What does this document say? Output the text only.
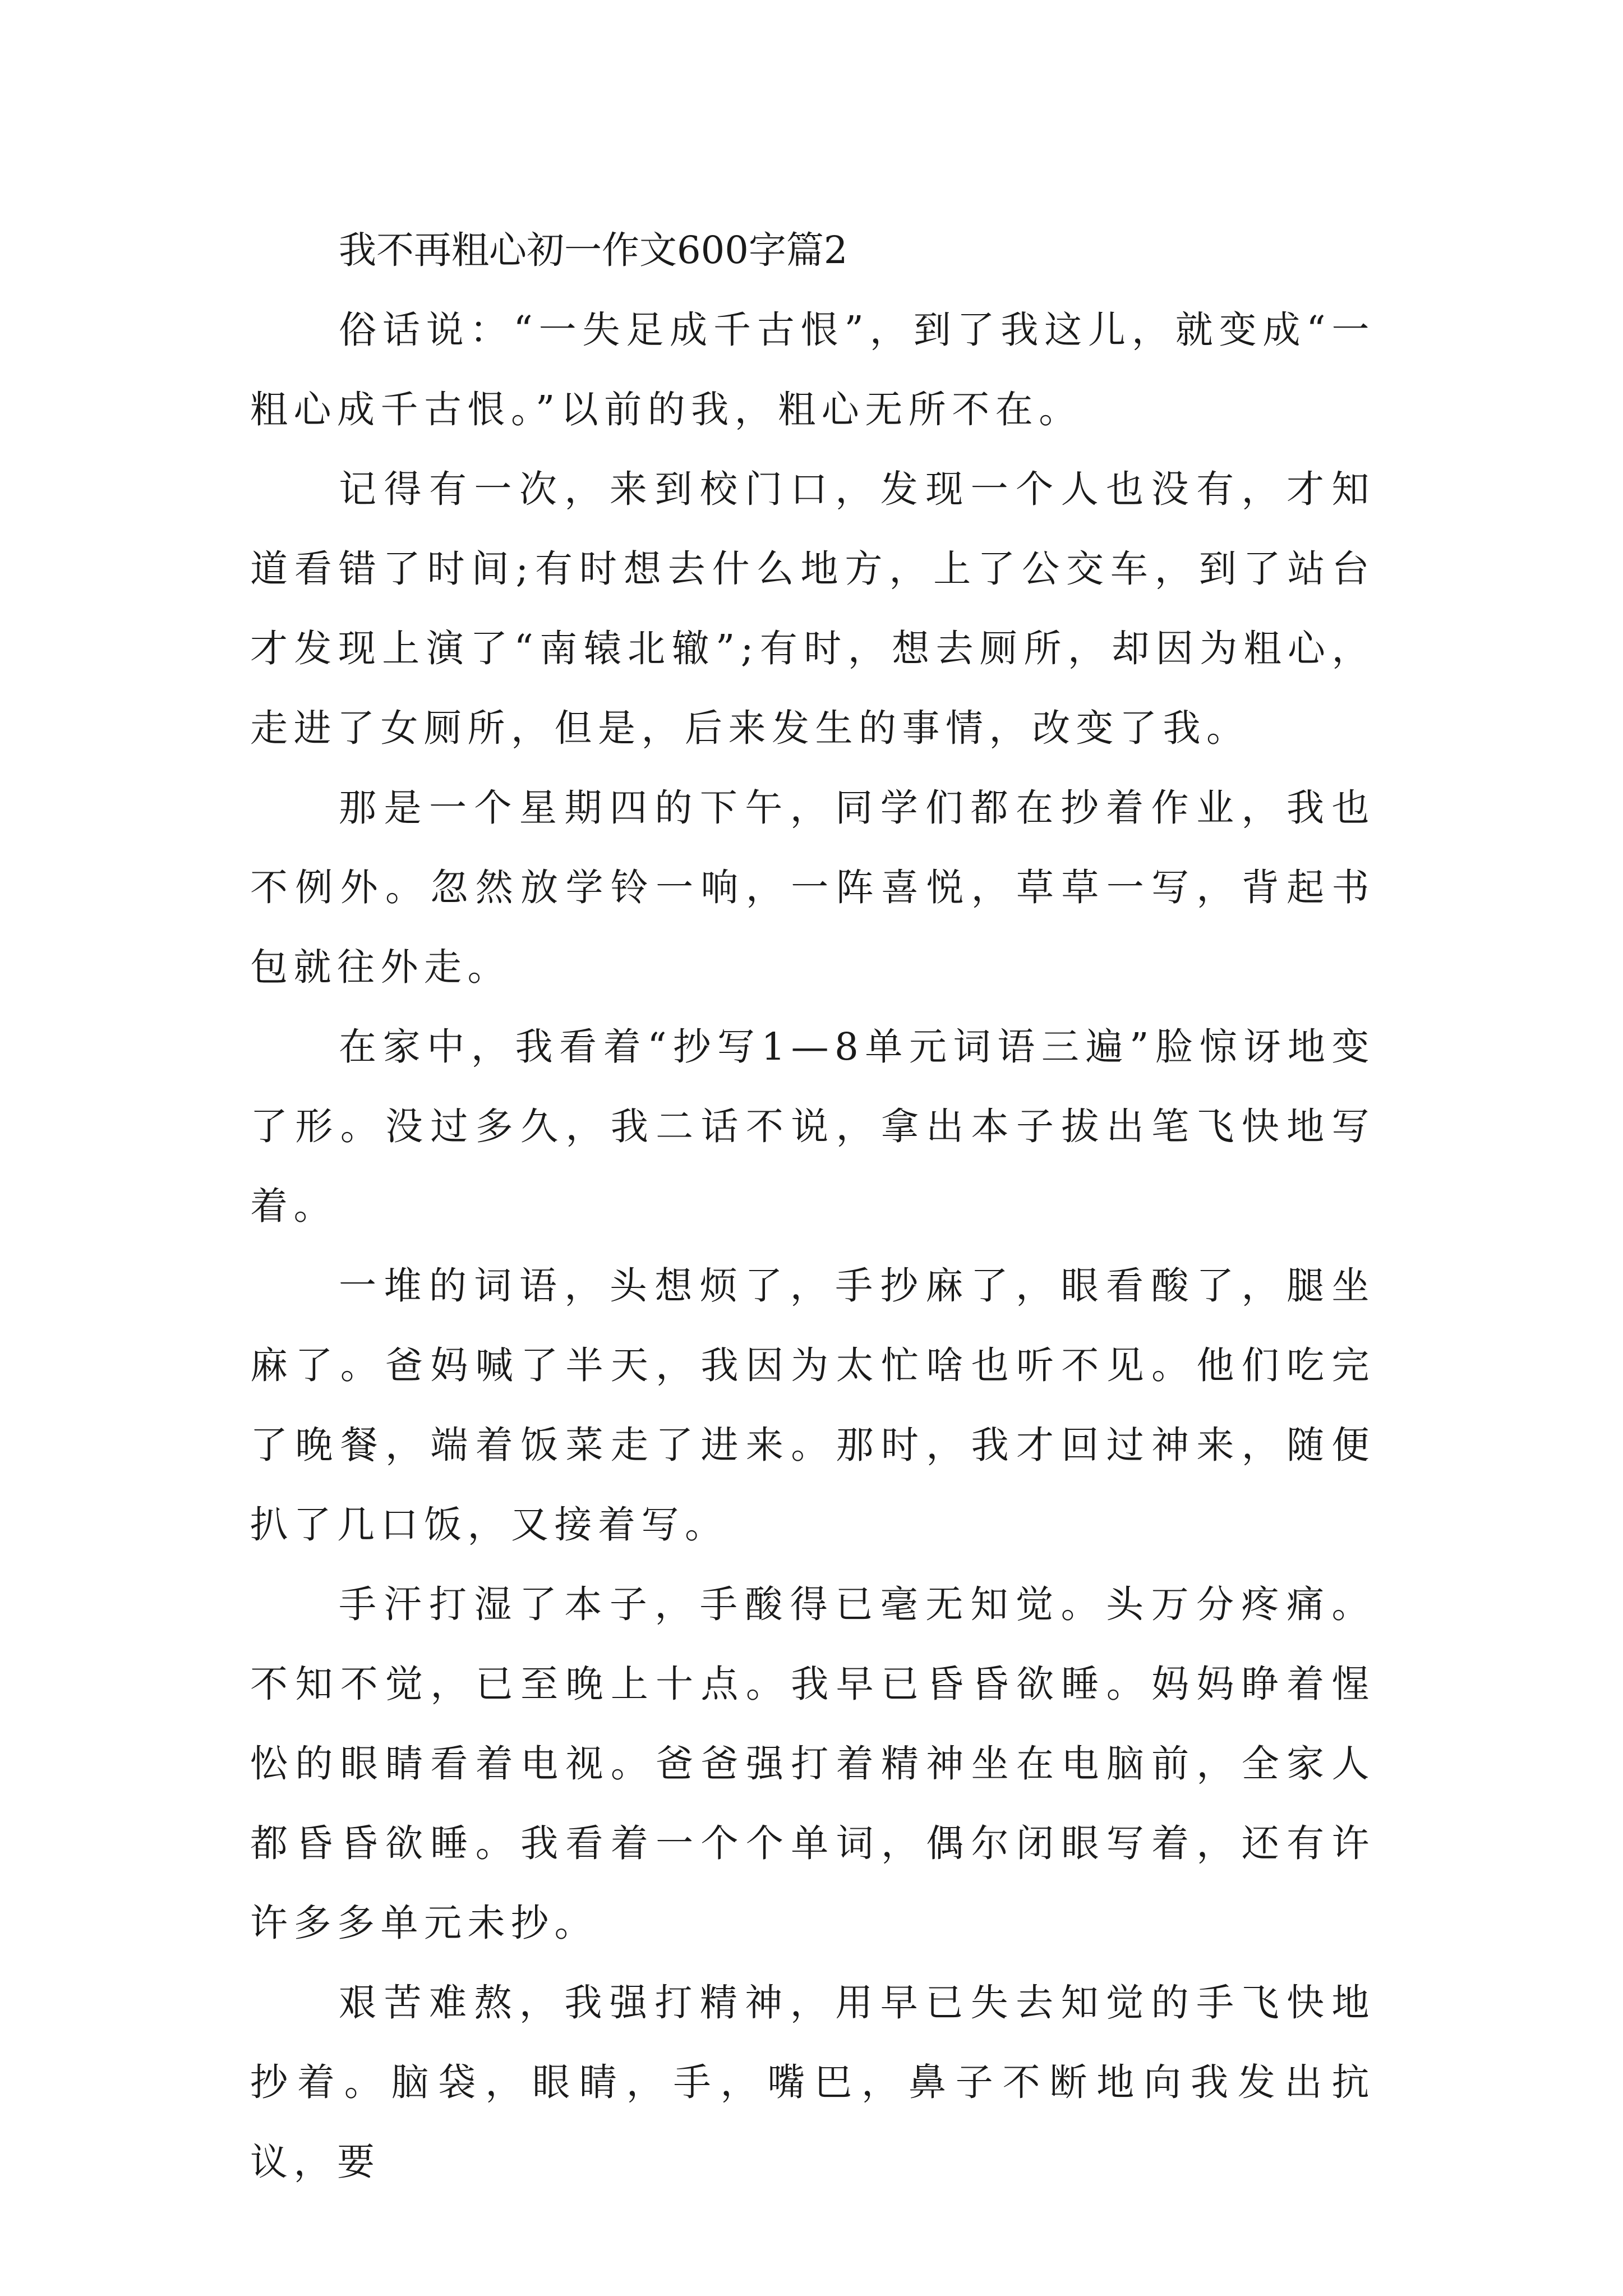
我不再粗心初一作文600字篇2

俗话说：“一失足成千古恨”，到了我这儿，就变成“一粗心成千古恨。”以前的我，粗心无所不在。

记得有一次，来到校门口，发现一个人也没有，才知道看错了时间;有时想去什么地方，上了公交车，到了站台才发现上演了“南辕北辙”;有时，想去厕所，却因为粗心，走进了女厕所，但是，后来发生的事情，改变了我。

那是一个星期四的下午，同学们都在抄着作业，我也不例外。忽然放学铃一响，一阵喜悦，草草一写，背起书包就往外走。

在家中，我看着“抄写1—8单元词语三遍”脸惊讶地变了形。没过多久，我二话不说，拿出本子拔出笔飞快地写着。

一堆的词语，头想烦了，手抄麻了，眼看酸了，腿坐麻了。爸妈喊了半天，我因为太忙啥也听不见。他们吃完了晚餐，端着饭菜走了进来。那时，我才回过神来，随便扒了几口饭，又接着写。

手汗打湿了本子，手酸得已毫无知觉。头万分疼痛。不知不觉，已至晚上十点。我早已昏昏欲睡。妈妈睁着惺忪的眼睛看着电视。爸爸强打着精神坐在电脑前，全家人都昏昏欲睡。我看着一个个单词，偶尔闭眼写着，还有许许多多单元未抄。

艰苦难熬，我强打精神，用早已失去知觉的手飞快地抄着。脑袋，眼睛，手，嘴巴，鼻子不断地向我发出抗议，要
